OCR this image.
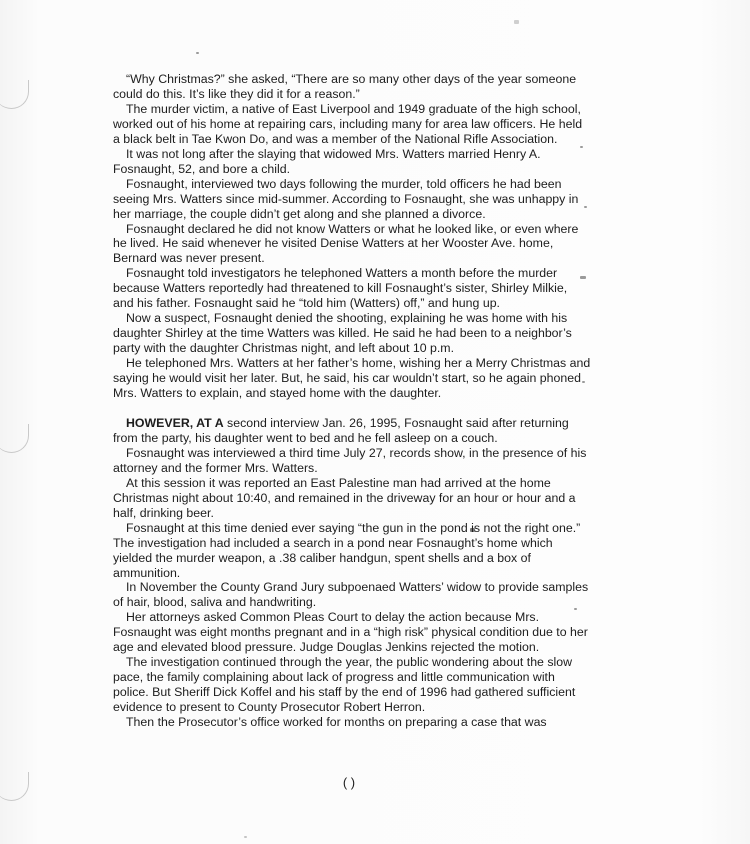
“Why Christmas?” she asked, “There are so many other days of the year someone could do this. It’s like they did it for a reason.”

The murder victim, a native of East Liverpool and 1949 graduate of the high school, worked out of his home at repairing cars, including many for area law officers. He held a black belt in Tae Kwon Do, and was a member of the National Rifle Association.

It was not long after the slaying that widowed Mrs. Watters married Henry A. Fosnaught, 52, and bore a child.

Fosnaught, interviewed two days following the murder, told officers he had been seeing Mrs. Watters since mid-summer. According to Fosnaught, she was unhappy in her marriage, the couple didn’t get along and she planned a divorce.

Fosnaught declared he did not know Watters or what he looked like, or even where he lived. He said whenever he visited Denise Watters at her Wooster Ave. home, Bernard was never present.

Fosnaught told investigators he telephoned Watters a month before the murder because Watters reportedly had threatened to kill Fosnaught’s sister, Shirley Milkie, and his father. Fosnaught said he “told him (Watters) off,” and hung up.

Now a suspect, Fosnaught denied the shooting, explaining he was home with his daughter Shirley at the time Watters was killed. He said he had been to a neighbor’s party with the daughter Christmas night, and left about 10 p.m.

He telephoned Mrs. Watters at her father’s home, wishing her a Merry Christmas and saying he would visit her later. But, he said, his car wouldn’t start, so he again phoned Mrs. Watters to explain, and stayed home with the daughter.

HOWEVER, AT A second interview Jan. 26, 1995, Fosnaught said after returning from the party, his daughter went to bed and he fell asleep on a couch.

Fosnaught was interviewed a third time July 27, records show, in the presence of his attorney and the former Mrs. Watters.

At this session it was reported an East Palestine man had arrived at the home Christmas night about 10:40, and remained in the driveway for an hour or hour and a half, drinking beer.

Fosnaught at this time denied ever saying “the gun in the pond is not the right one.” The investigation had included a search in a pond near Fosnaught’s home which yielded the murder weapon, a .38 caliber handgun, spent shells and a box of ammunition.

In November the County Grand Jury subpoenaed Watters’ widow to provide samples of hair, blood, saliva and handwriting.

Her attorneys asked Common Pleas Court to delay the action because Mrs. Fosnaught was eight months pregnant and in a “high risk” physical condition due to her age and elevated blood pressure. Judge Douglas Jenkins rejected the motion.

The investigation continued through the year, the public wondering about the slow pace, the family complaining about lack of progress and little communication with police. But Sheriff Dick Koffel and his staff by the end of 1996 had gathered sufficient evidence to present to County Prosecutor Robert Herron.

Then the Prosecutor’s office worked for months on preparing a case that was

( )
